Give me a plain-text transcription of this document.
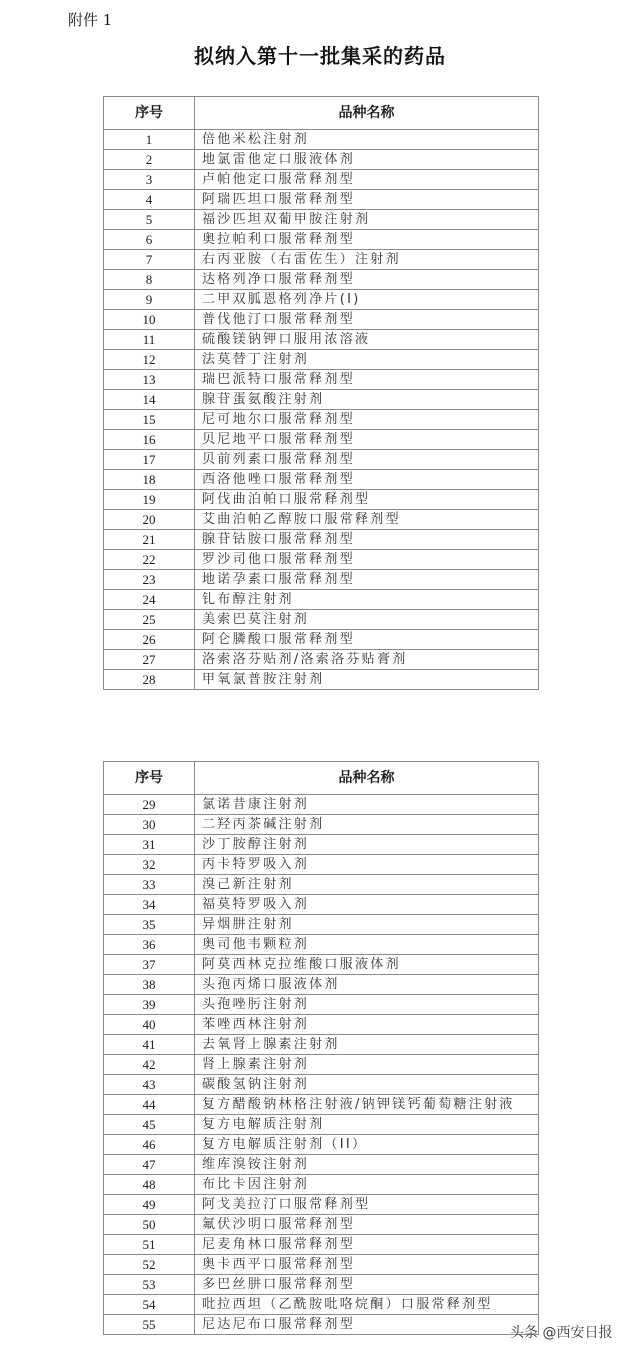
附件 1
拟纳入第十一批集采的药品
序号	品种名称
1	倍他米松注射剂
2	地氯雷他定口服液体剂
3	卢帕他定口服常释剂型
4	阿瑞匹坦口服常释剂型
5	福沙匹坦双葡甲胺注射剂
6	奥拉帕利口服常释剂型
7	右丙亚胺（右雷佐生）注射剂
8	达格列净口服常释剂型
9	二甲双胍恩格列净片(I)
10	普伐他汀口服常释剂型
11	硫酸镁钠钾口服用浓溶液
12	法莫替丁注射剂
13	瑞巴派特口服常释剂型
14	腺苷蛋氨酸注射剂
15	尼可地尔口服常释剂型
16	贝尼地平口服常释剂型
17	贝前列素口服常释剂型
18	西洛他唑口服常释剂型
19	阿伐曲泊帕口服常释剂型
20	艾曲泊帕乙醇胺口服常释剂型
21	腺苷钴胺口服常释剂型
22	罗沙司他口服常释剂型
23	地诺孕素口服常释剂型
24	钆布醇注射剂
25	美索巴莫注射剂
26	阿仑膦酸口服常释剂型
27	洛索洛芬贴剂/洛索洛芬贴膏剂
28	甲氧氯普胺注射剂
序号	品种名称
29	氯诺昔康注射剂
30	二羟丙茶碱注射剂
31	沙丁胺醇注射剂
32	丙卡特罗吸入剂
33	溴己新注射剂
34	福莫特罗吸入剂
35	异烟肼注射剂
36	奥司他韦颗粒剂
37	阿莫西林克拉维酸口服液体剂
38	头孢丙烯口服液体剂
39	头孢唑肟注射剂
40	苯唑西林注射剂
41	去氧肾上腺素注射剂
42	肾上腺素注射剂
43	碳酸氢钠注射剂
44	复方醋酸钠林格注射液/钠钾镁钙葡萄糖注射液
45	复方电解质注射剂
46	复方电解质注射剂（II）
47	维库溴铵注射剂
48	布比卡因注射剂
49	阿戈美拉汀口服常释剂型
50	氟伏沙明口服常释剂型
51	尼麦角林口服常释剂型
52	奥卡西平口服常释剂型
53	多巴丝肼口服常释剂型
54	吡拉西坦（乙酰胺吡咯烷酮）口服常释剂型
55	尼达尼布口服常释剂型
头条 @西安日报
